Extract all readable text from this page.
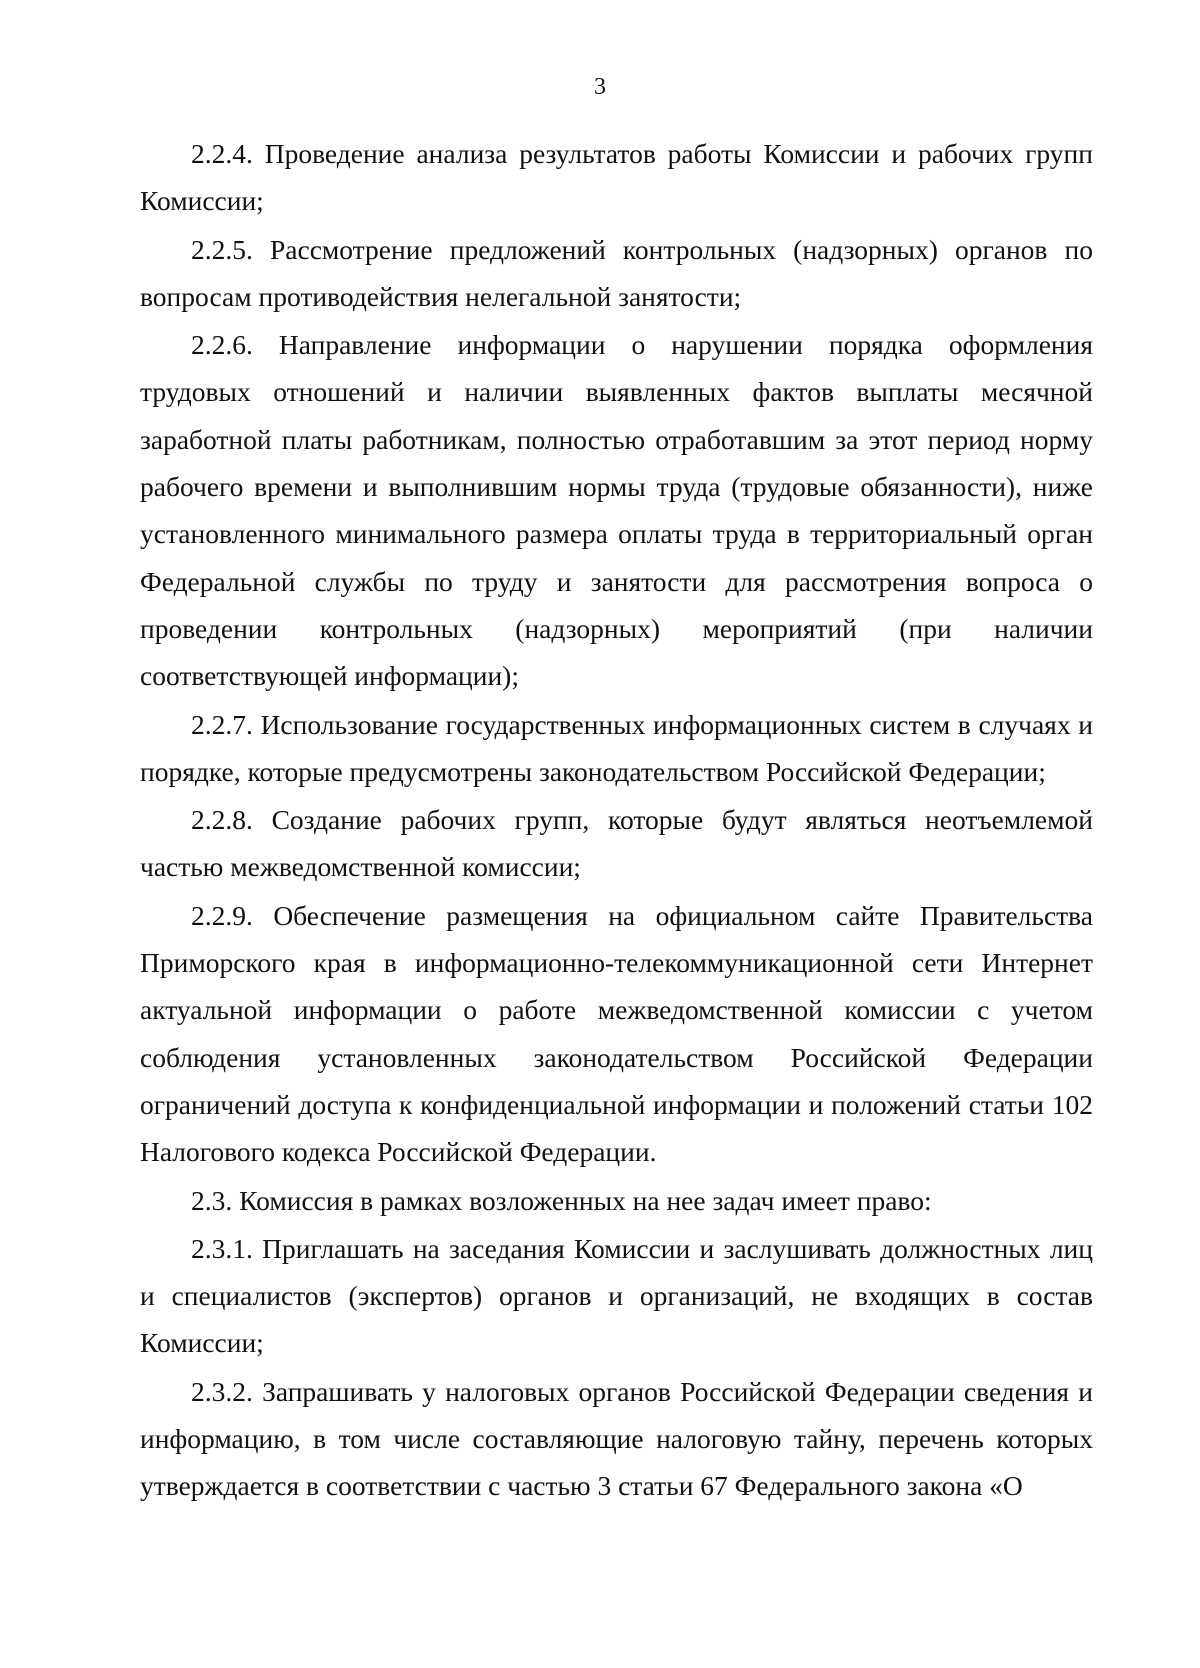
3

2.2.4. Проведение анализа результатов работы Комиссии и рабочих групп Комиссии;

2.2.5. Рассмотрение предложений контрольных (надзорных) органов по вопросам противодействия нелегальной занятости;

2.2.6. Направление информации о нарушении порядка оформления трудовых отношений и наличии выявленных фактов выплаты месячной заработной платы работникам, полностью отработавшим за этот период норму рабочего времени и выполнившим нормы труда (трудовые обязанности), ниже установленного минимального размера оплаты труда в территориальный орган Федеральной службы по труду и занятости для рассмотрения вопроса о проведении контрольных (надзорных) мероприятий (при наличии соответствующей информации);

2.2.7. Использование государственных информационных систем в случаях и порядке, которые предусмотрены законодательством Российской Федерации;

2.2.8. Создание рабочих групп, которые будут являться неотъемлемой частью межведомственной комиссии;

2.2.9. Обеспечение размещения на официальном сайте Правительства Приморского края в информационно-телекоммуникационной сети Интернет актуальной информации о работе межведомственной комиссии с учетом соблюдения установленных законодательством Российской Федерации ограничений доступа к конфиденциальной информации и положений статьи 102 Налогового кодекса Российской Федерации.

2.3. Комиссия в рамках возложенных на нее задач имеет право:

2.3.1. Приглашать на заседания Комиссии и заслушивать должностных лиц и специалистов (экспертов) органов и организаций, не входящих в состав Комиссии;

2.3.2. Запрашивать у налоговых органов Российской Федерации сведения и информацию, в том числе составляющие налоговую тайну, перечень которых утверждается в соответствии с частью 3 статьи 67 Федерального закона «О
